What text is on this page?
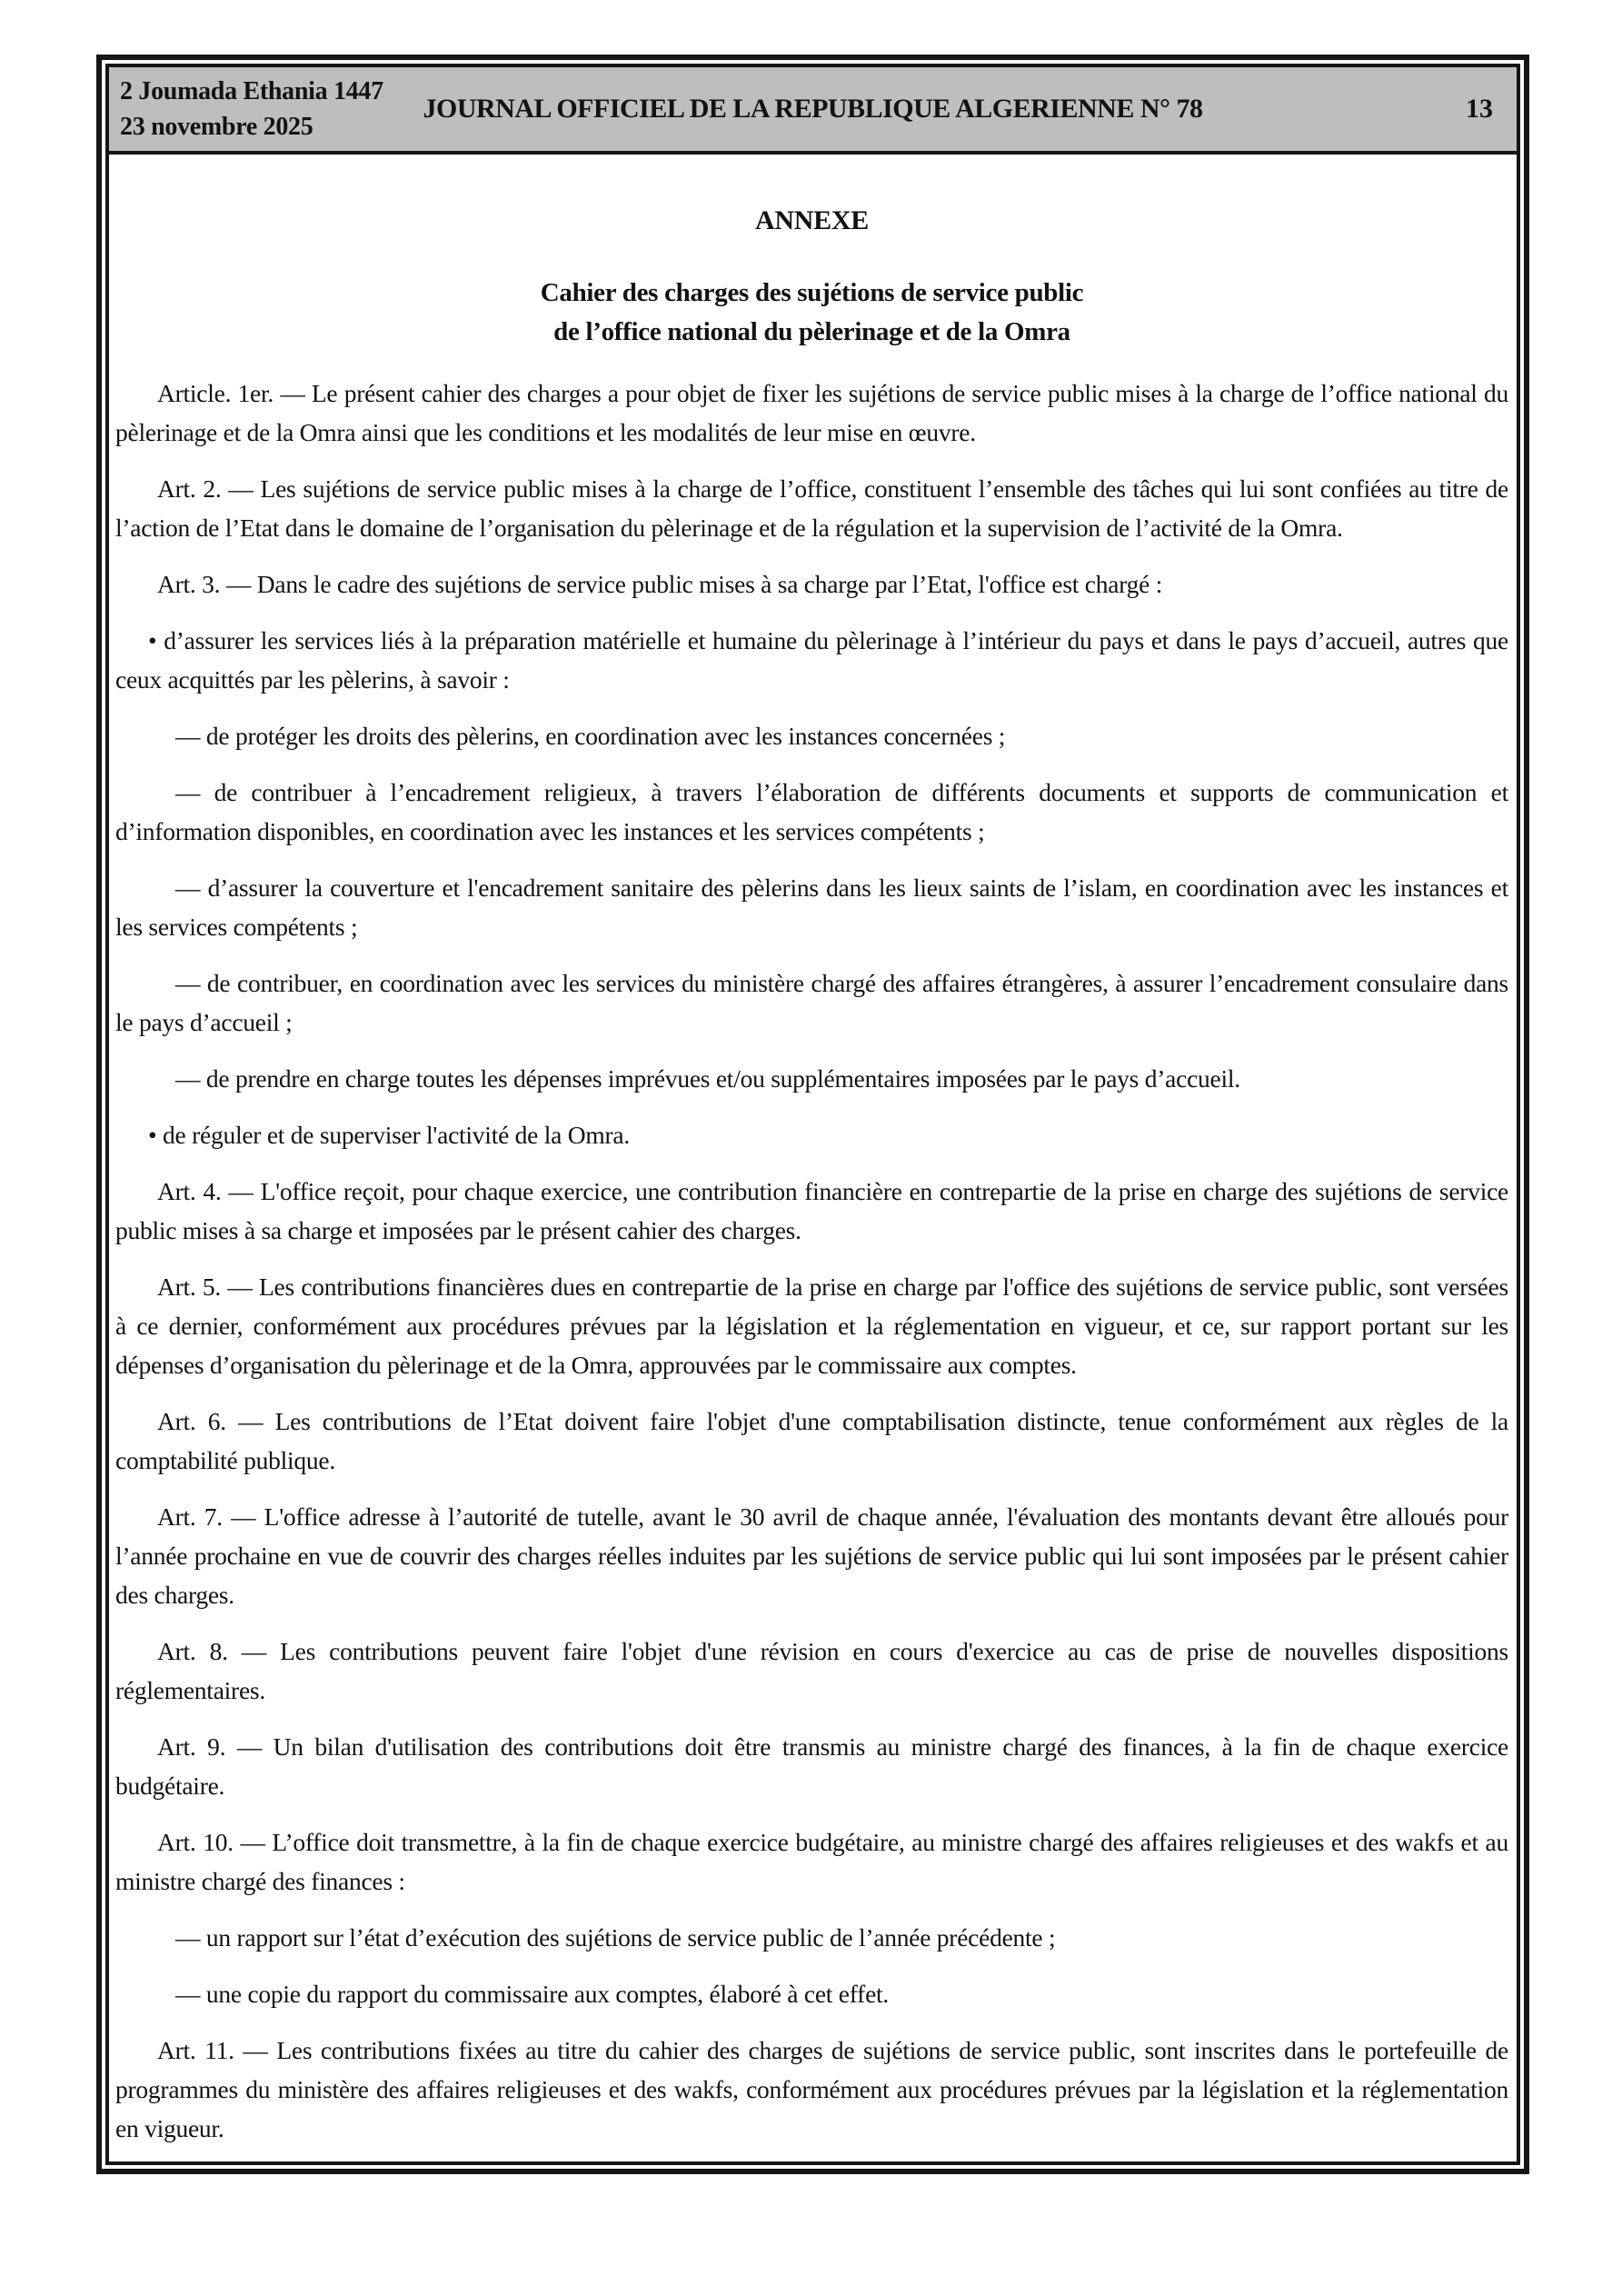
2 Joumada Ethania 1447
23 novembre 2025
JOURNAL OFFICIEL DE LA REPUBLIQUE ALGERIENNE N° 78	13
ANNEXE
Cahier des charges des sujétions de service public
de l’office national du pèlerinage et de la Omra

Article. 1er. — Le présent cahier des charges a pour objet de fixer les sujétions de service public mises à la charge de l’office national du pèlerinage et de la Omra ainsi que les conditions et les modalités de leur mise en œuvre.

Art. 2. — Les sujétions de service public mises à la charge de l’office, constituent l’ensemble des tâches qui lui sont confiées au titre de l’action de l’Etat dans le domaine de l’organisation du pèlerinage et de la régulation et la supervision de l’activité de la Omra.

Art. 3. — Dans le cadre des sujétions de service public mises à sa charge par l’Etat, l'office est chargé :

• d’assurer les services liés à la préparation matérielle et humaine du pèlerinage à l’intérieur du pays et dans le pays d’accueil, autres que ceux acquittés par les pèlerins, à savoir :

— de protéger les droits des pèlerins, en coordination avec les instances concernées ;

— de contribuer à l’encadrement religieux, à travers l’élaboration de différents documents et supports de communication et d’information disponibles, en coordination avec les instances et les services compétents ;

— d’assurer la couverture et l'encadrement sanitaire des pèlerins dans les lieux saints de l’islam, en coordination avec les instances et les services compétents ;

— de contribuer, en coordination avec les services du ministère chargé des affaires étrangères, à assurer l’encadrement consulaire dans le pays d’accueil ;

— de prendre en charge toutes les dépenses imprévues et/ou supplémentaires imposées par le pays d’accueil.

• de réguler et de superviser l'activité de la Omra.

Art. 4. — L'office reçoit, pour chaque exercice, une contribution financière en contrepartie de la prise en charge des sujétions de service public mises à sa charge et imposées par le présent cahier des charges.

Art. 5. — Les contributions financières dues en contrepartie de la prise en charge par l'office des sujétions de service public, sont versées à ce dernier, conformément aux procédures prévues par la législation et la réglementation en vigueur, et ce, sur rapport portant sur les dépenses d’organisation du pèlerinage et de la Omra, approuvées par le commissaire aux comptes.

Art. 6. — Les contributions de l’Etat doivent faire l'objet d'une comptabilisation distincte, tenue conformément aux règles de la comptabilité publique.

Art. 7. — L'office adresse à l’autorité de tutelle, avant le 30 avril de chaque année, l'évaluation des montants devant être alloués pour l’année prochaine en vue de couvrir des charges réelles induites par les sujétions de service public qui lui sont imposées par le présent cahier des charges.

Art. 8. — Les contributions peuvent faire l'objet d'une révision en cours d'exercice au cas de prise de nouvelles dispositions réglementaires.

Art. 9. — Un bilan d'utilisation des contributions doit être transmis au ministre chargé des finances, à la fin de chaque exercice budgétaire.

Art. 10. — L’office doit transmettre, à la fin de chaque exercice budgétaire, au ministre chargé des affaires religieuses et des wakfs et au ministre chargé des finances :

— un rapport sur l’état d’exécution des sujétions de service public de l’année précédente ;

— une copie du rapport du commissaire aux comptes, élaboré à cet effet.

Art. 11. — Les contributions fixées au titre du cahier des charges de sujétions de service public, sont inscrites dans le portefeuille de programmes du ministère des affaires religieuses et des wakfs, conformément aux procédures prévues par la législation et la réglementation en vigueur.
